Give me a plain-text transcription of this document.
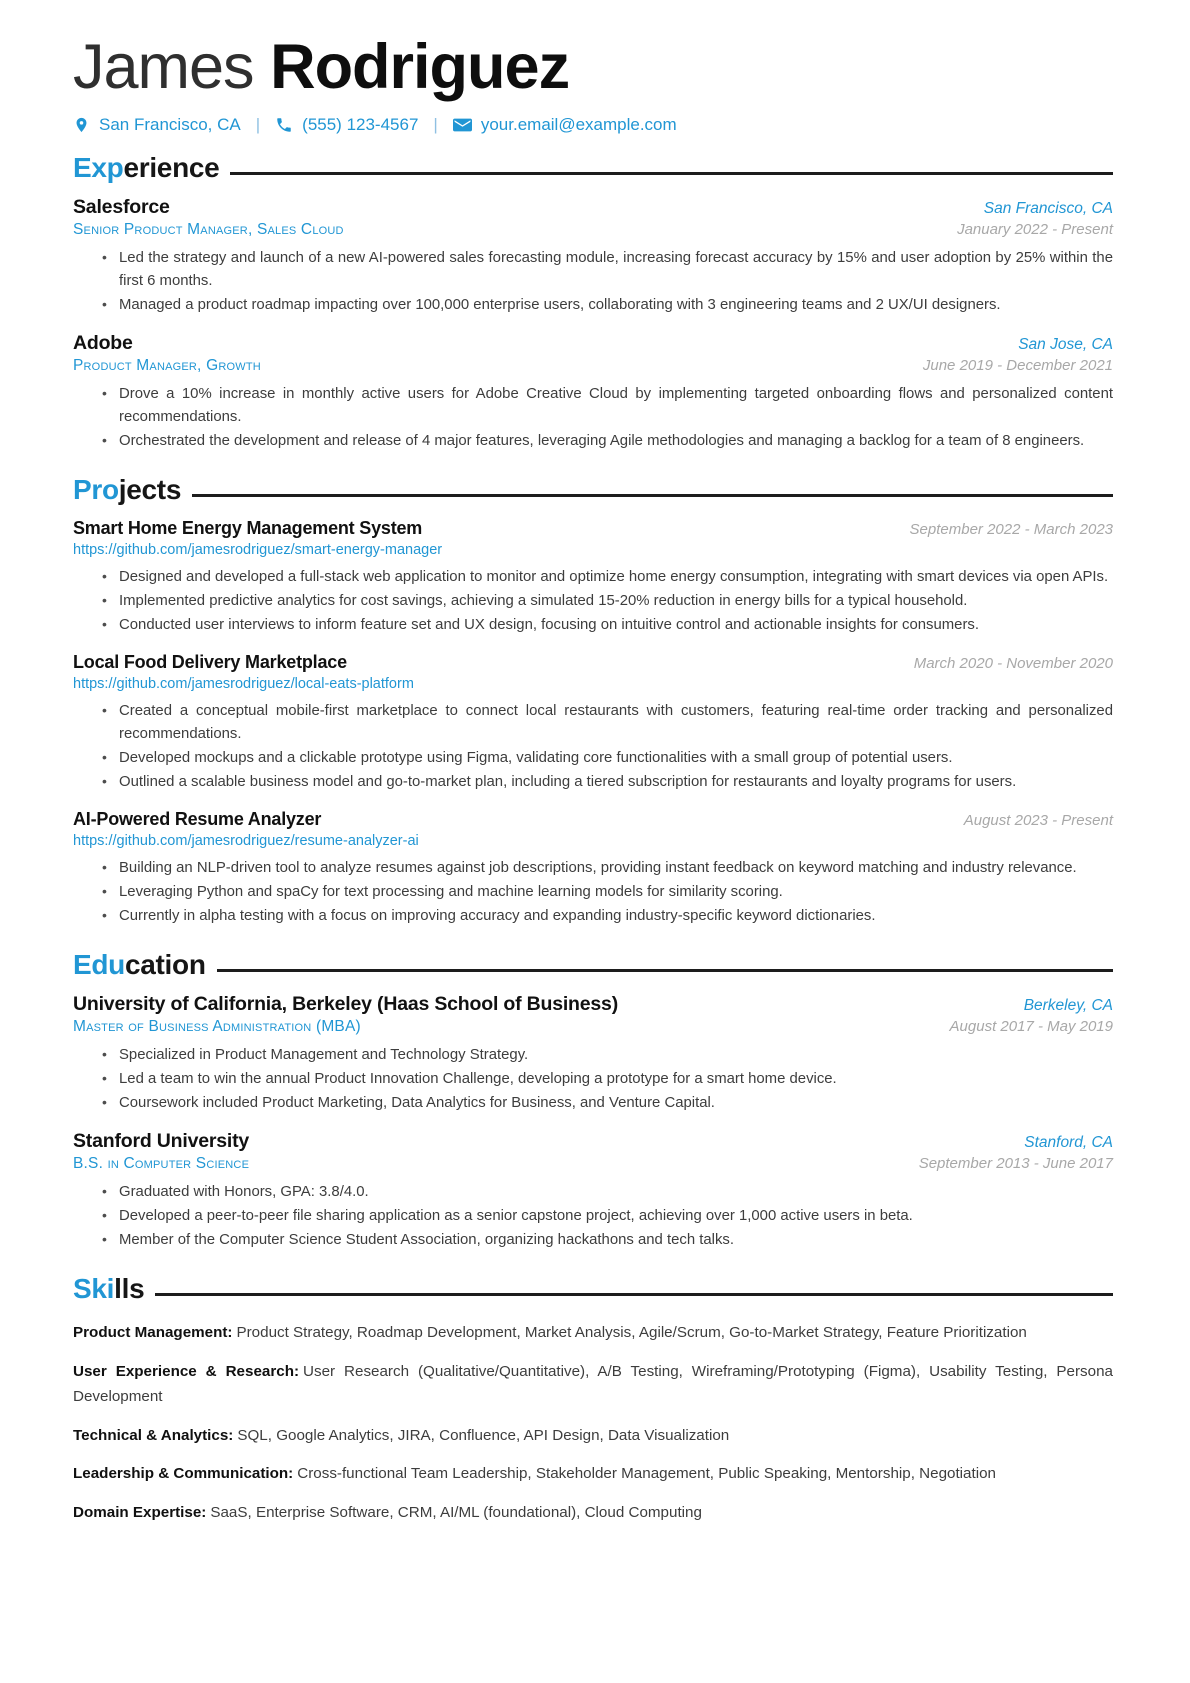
James Rodriguez
San Francisco, CA | (555) 123-4567 |	your.email@example.com
Experience
Salesforce	San Francisco, CA
Senior Product Manager, Sales Cloud	January 2022 - Present
• Led the strategy and launch of a new AI-powered sales forecasting module, increasing forecast accuracy by 15% and user adoption by 25% within the first 6 months.
• Managed a product roadmap impacting over 100,000 enterprise users, collaborating with 3 engineering teams and 2 UX/UI designers.
Adobe	San Jose, CA
Product Manager, Growth	June 2019 - December 2021
• Drove a 10% increase in monthly active users for Adobe Creative Cloud by implementing targeted onboarding flows and personalized content recommendations.
• Orchestrated the development and release of 4 major features, leveraging Agile methodologies and managing a backlog for a team of 8 engineers.
Projects
Smart Home Energy Management System	September 2022 - March 2023
https://github.com/jamesrodriguez/smart-energy-manager
• Designed and developed a full-stack web application to monitor and optimize home energy consumption, integrating with smart devices via open APIs.
• Implemented predictive analytics for cost savings, achieving a simulated 15-20% reduction in energy bills for a typical household.
• Conducted user interviews to inform feature set and UX design, focusing on intuitive control and actionable insights for consumers.
Local Food Delivery Marketplace	March 2020 - November 2020
https://github.com/jamesrodriguez/local-eats-platform
• Created a conceptual mobile-first marketplace to connect local restaurants with customers, featuring real-time order tracking and personalized recommendations.
• Developed mockups and a clickable prototype using Figma, validating core functionalities with a small group of potential users.
• Outlined a scalable business model and go-to-market plan, including a tiered subscription for restaurants and loyalty programs for users.
AI-Powered Resume Analyzer	August 2023 - Present
https://github.com/jamesrodriguez/resume-analyzer-ai
• Building an NLP-driven tool to analyze resumes against job descriptions, providing instant feedback on keyword matching and industry relevance.
• Leveraging Python and spaCy for text processing and machine learning models for similarity scoring.
• Currently in alpha testing with a focus on improving accuracy and expanding industry-specific keyword dictionaries.
Education
University of California, Berkeley (Haas School of Business)	Berkeley, CA
Master of Business Administration (MBA)	August 2017 - May 2019
• Specialized in Product Management and Technology Strategy.
• Led a team to win the annual Product Innovation Challenge, developing a prototype for a smart home device.
• Coursework included Product Marketing, Data Analytics for Business, and Venture Capital.
Stanford University	Stanford, CA
B.S. in Computer Science	September 2013 - June 2017
• Graduated with Honors, GPA: 3.8/4.0.
• Developed a peer-to-peer file sharing application as a senior capstone project, achieving over 1,000 active users in beta.
• Member of the Computer Science Student Association, organizing hackathons and tech talks.
Skills

Product Management: Product Strategy, Roadmap Development, Market Analysis, Agile/Scrum, Go-to-Market Strategy, Feature Prioritization

User Experience & Research: User Research (Qualitative/Quantitative), A/B Testing, Wireframing/Prototyping (Figma), Usability Testing, Persona Development

Technical & Analytics: SQL, Google Analytics, JIRA, Confluence, API Design, Data Visualization

Leadership & Communication: Cross-functional Team Leadership, Stakeholder Management, Public Speaking, Mentorship, Negotiation

Domain Expertise: SaaS, Enterprise Software, CRM, AI/ML (foundational), Cloud Computing
